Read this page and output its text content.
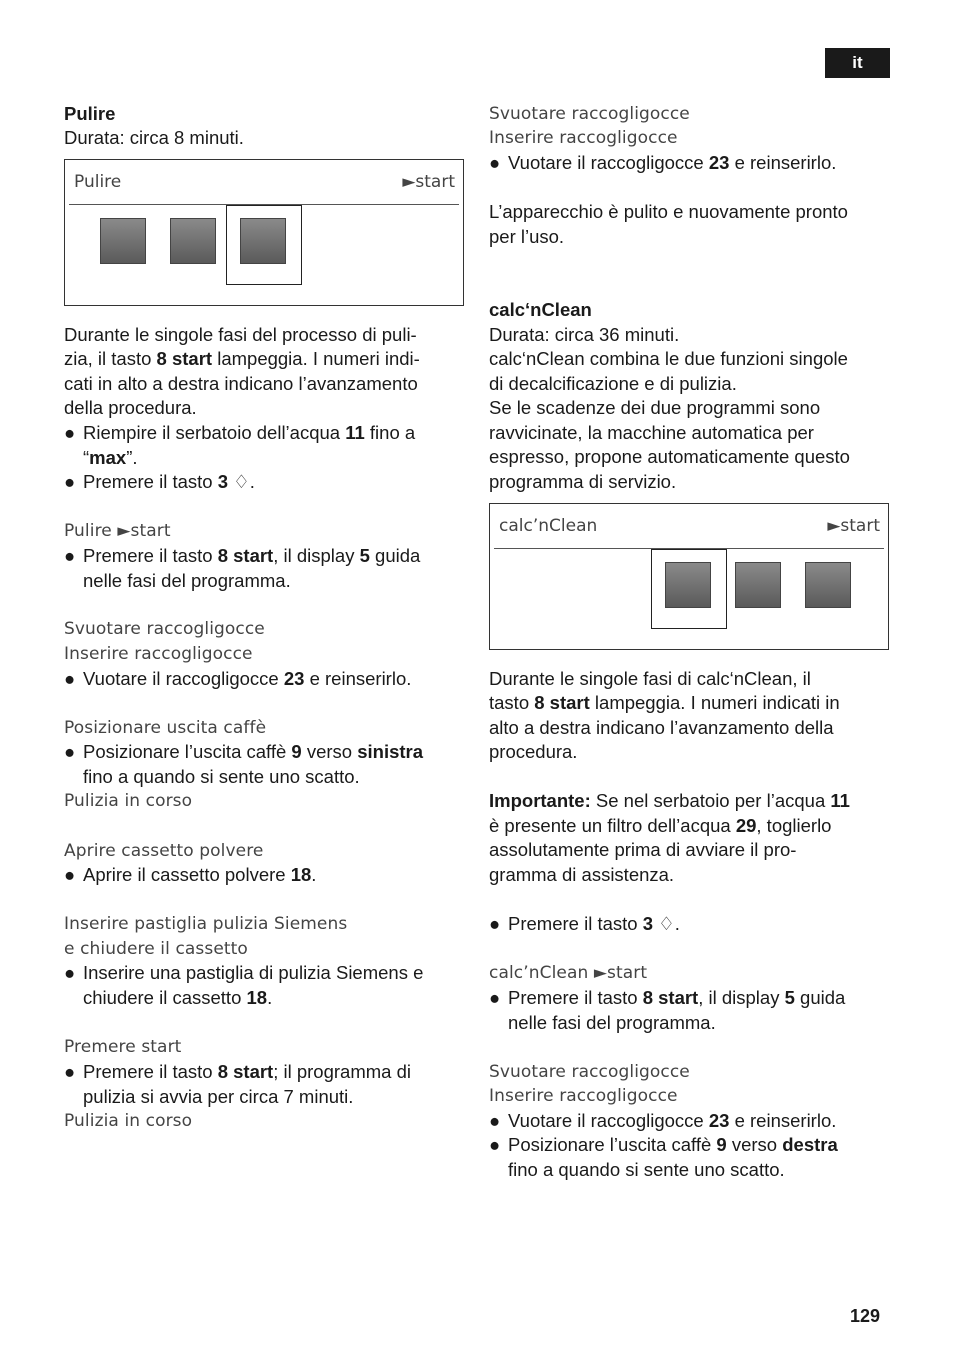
it
Pulire
Durata: circa 8 minuti.
Pulire	►start
Durante le singole fasi del processo di puli-
zia, il tasto 8 start lampeggia. I numeri indi-
cati in alto a destra indicano l’avanzamento
della procedura.
● Riempire il serbatoio dell’acqua 11 fino a
“max”.
● Premere il tasto 3 ♢.
Pulire ►start
● Premere il tasto 8 start, il display 5 guida
nelle fasi del programma.
Svuotare raccogligocce
Inserire raccogligocce
● Vuotare il raccogligocce 23 e reinserirlo.
Posizionare uscita caffè
● Posizionare l’uscita caffè 9 verso sinistra
fino a quando si sente uno scatto.
Pulizia in corso
Aprire cassetto polvere
● Aprire il cassetto polvere 18.
Inserire pastiglia pulizia Siemens
e chiudere il cassetto
● Inserire una pastiglia di pulizia Siemens e
chiudere il cassetto 18.
Premere start
● Premere il tasto 8 start; il programma di
pulizia si avvia per circa 7 minuti.
Pulizia in corso
Svuotare raccogligocce
Inserire raccogligocce
● Vuotare il raccogligocce 23 e reinserirlo.
L’apparecchio è pulito e nuovamente pronto
per l’uso.
calc‘nClean
Durata: circa 36 minuti.
calc‘nClean combina le due funzioni singole
di decalcificazione e di pulizia.
Se le scadenze dei due programmi sono
ravvicinate, la macchine automatica per
espresso, propone automaticamente questo
programma di servizio.
calc’nClean	►start
Durante le singole fasi di calc‘nClean, il
tasto 8 start lampeggia. I numeri indicati in
alto a destra indicano l’avanzamento della
procedura.
Importante: Se nel serbatoio per l’acqua 11
è presente un filtro dell’acqua 29, toglierlo
assolutamente prima di avviare il pro-
gramma di assistenza.
● Premere il tasto 3 ♢.
calc’nClean ►start
● Premere il tasto 8 start, il display 5 guida
nelle fasi del programma.
Svuotare raccogligocce
Inserire raccogligocce
● Vuotare il raccogligocce 23 e reinserirlo.
● Posizionare l’uscita caffè 9 verso destra
fino a quando si sente uno scatto.
129
